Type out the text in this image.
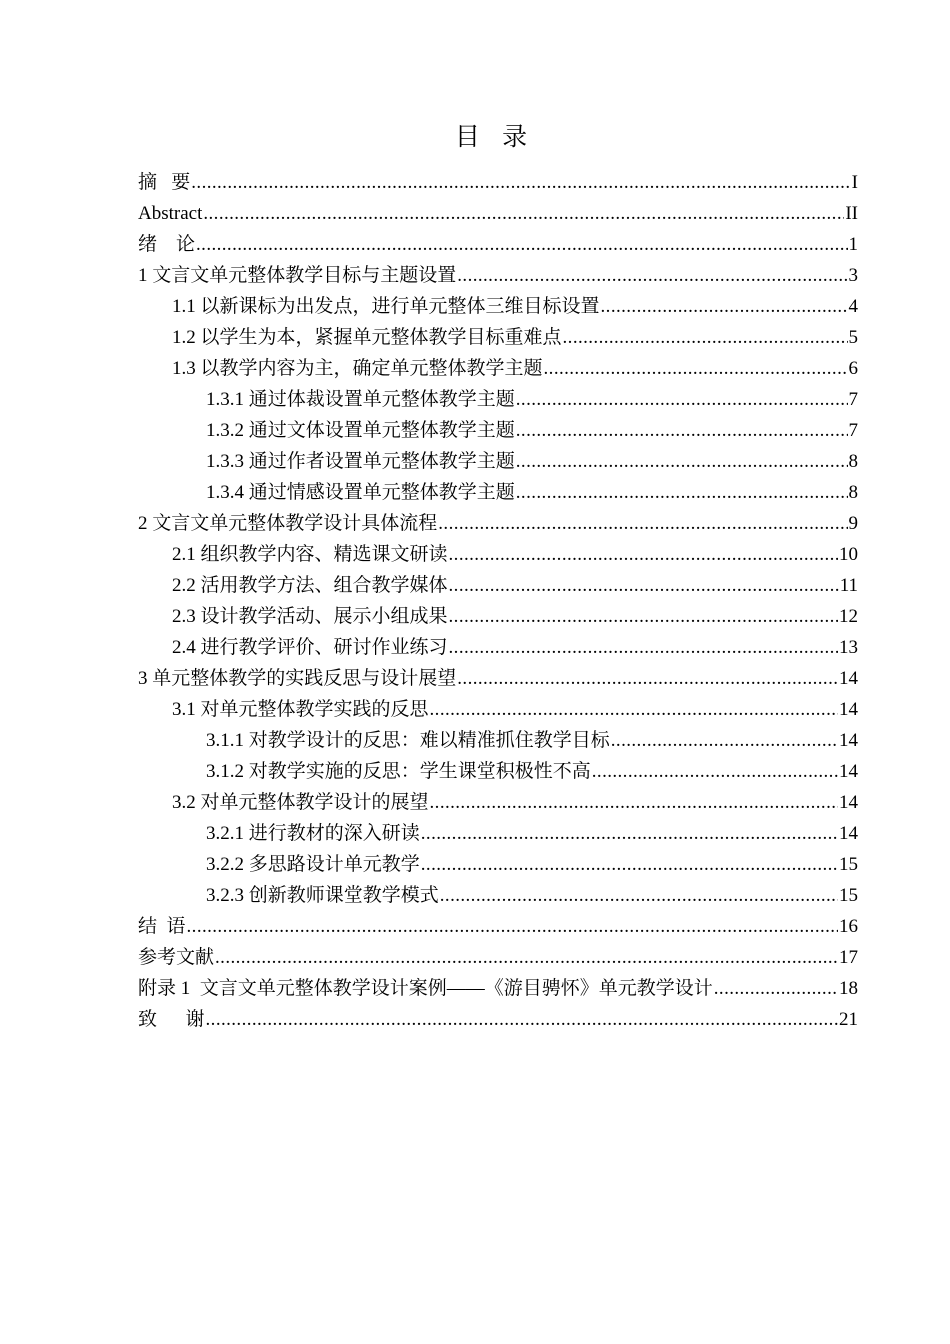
目 录
摘   要 .....	I
Abstract .....	II
绪    论 .....	1
1 文言文单元整体教学目标与主题设置 .....	3
1.1 以新课标为出发点，进行单元整体三维目标设置 .....	4
1.2 以学生为本，紧握单元整体教学目标重难点 .....	5
1.3 以教学内容为主，确定单元整体教学主题 .....	6
1.3.1 通过体裁设置单元整体教学主题 .....	7
1.3.2 通过文体设置单元整体教学主题 .....	7
1.3.3 通过作者设置单元整体教学主题 .....	8
1.3.4 通过情感设置单元整体教学主题 .....	8
2 文言文单元整体教学设计具体流程 .....	9
2.1 组织教学内容、精选课文研读 .....	10
2.2 活用教学方法、组合教学媒体 .....	11
2.3 设计教学活动、展示小组成果 .....	12
2.4 进行教学评价、研讨作业练习 .....	13
3 单元整体教学的实践反思与设计展望 .....	14
3.1 对单元整体教学实践的反思 .....	14
3.1.1 对教学设计的反思：难以精准抓住教学目标 .....	14
3.1.2 对教学实施的反思：学生课堂积极性不高 .....	14
3.2 对单元整体教学设计的展望 .....	14
3.2.1 进行教材的深入研读 .....	14
3.2.2 多思路设计单元教学 .....	15
3.2.3 创新教师课堂教学模式 .....	15
结  语 .....	16
参考文献 .....	17
附录 1  文言文单元整体教学设计案例——《游目骋怀》单元教学设计 .....	18
致      谢 .....	21
